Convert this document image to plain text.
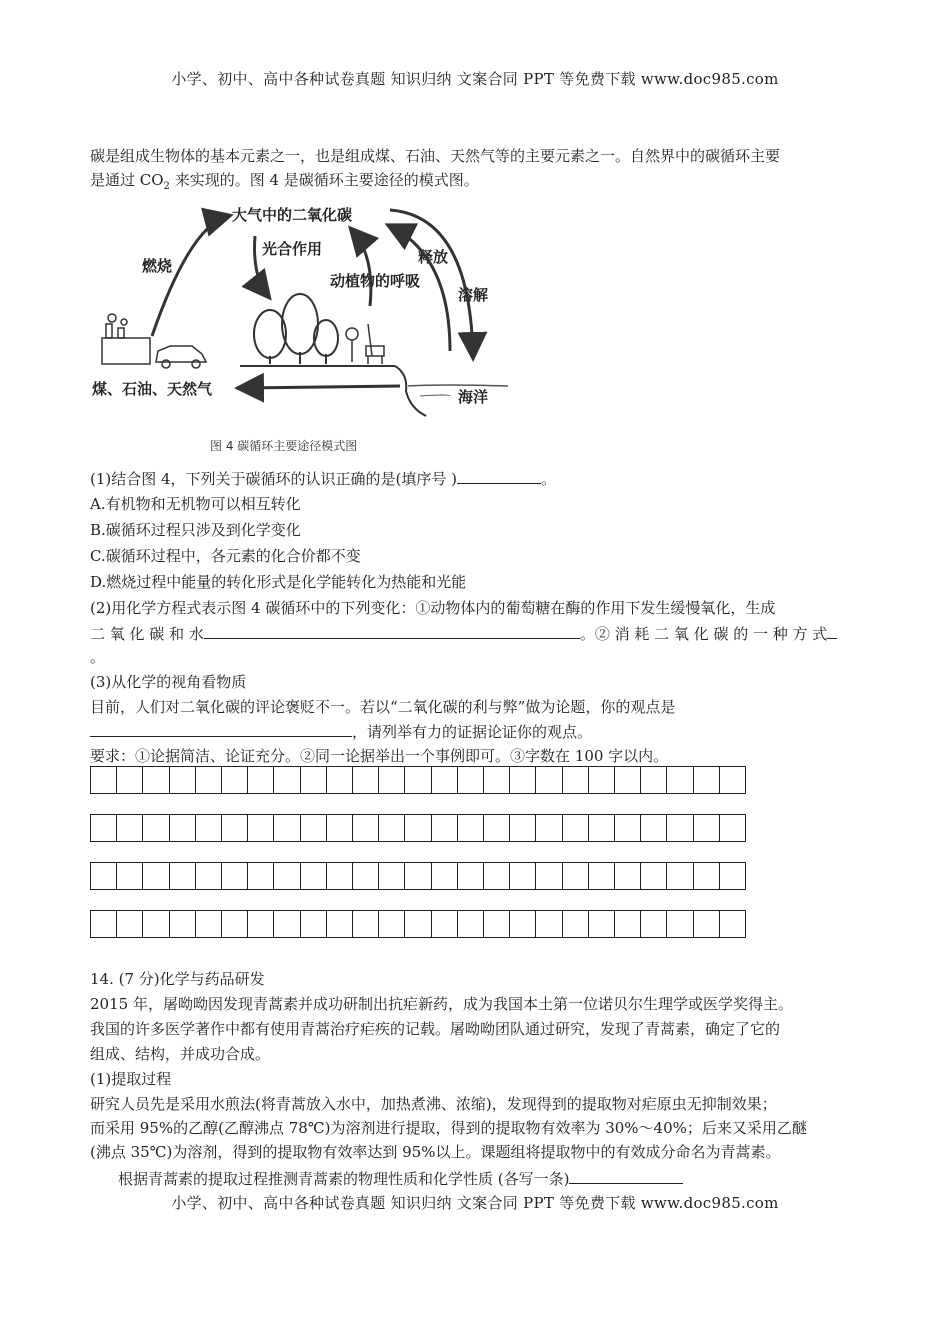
小学、初中、高中各种试卷真题 知识归纳 文案合同 PPT 等免费下载 www.doc985.com
碳是组成生物体的基本元素之一，也是组成煤、石油、天然气等的主要元素之一。自然界中的碳循环主要
是通过 $CO_2$ 来实现的。图 4 是碳循环主要途径的模式图。
大气中的二氧化碳
燃烧
光合作用
动植物的呼吸
释放
溶解
煤、石油、天然气	海洋
图 4 碳循环主要途径模式图
(1)结合图 4，下列关于碳循环的认识正确的是(填序号 )	。
A.有机物和无机物可以相互转化
B.碳循环过程只涉及到化学变化
C.碳循环过程中，各元素的化合价都不变
D.燃烧过程中能量的转化形式是化学能转化为热能和光能
(2)用化学方程式表示图 4 碳循环中的下列变化：①动物体内的葡萄糖在酶的作用下发生缓慢氧化，生成
二 氧 化 碳 和 水	。② 消 耗 二 氧 化 碳 的 一 种 方 式
。
(3)从化学的视角看物质
目前，人们对二氧化碳的评论褒贬不一。若以“二氧化碳的利与弊”做为论题，你的观点是
，请列举有力的证据论证你的观点。
要求：①论据简洁、论证充分。②同一论据举出一个事例即可。③字数在 100 字以内。
14. (7 分)化学与药品研发
2015 年，屠呦呦因发现青蒿素并成功研制出抗疟新药，成为我国本土第一位诺贝尔生理学或医学奖得主。
我国的许多医学著作中都有使用青蒿治疗疟疾的记载。屠呦呦团队通过研究，发现了青蒿素，确定了它的
组成、结构，并成功合成。
(1)提取过程
研究人员先是采用水煎法(将青蒿放入水中，加热煮沸、浓缩)，发现得到的提取物对疟原虫无抑制效果；
而采用 95%的乙醇(乙醇沸点 78℃)为溶剂进行提取，得到的提取物有效率为 30%～40%；后来又采用乙醚
(沸点 35℃)为溶剂，得到的提取物有效率达到 95%以上。课题组将提取物中的有效成分命名为青蒿素。
根据青蒿素的提取过程推测青蒿素的物理性质和化学性质 (各写一条)
小学、初中、高中各种试卷真题 知识归纳 文案合同 PPT 等免费下载 www.doc985.com
